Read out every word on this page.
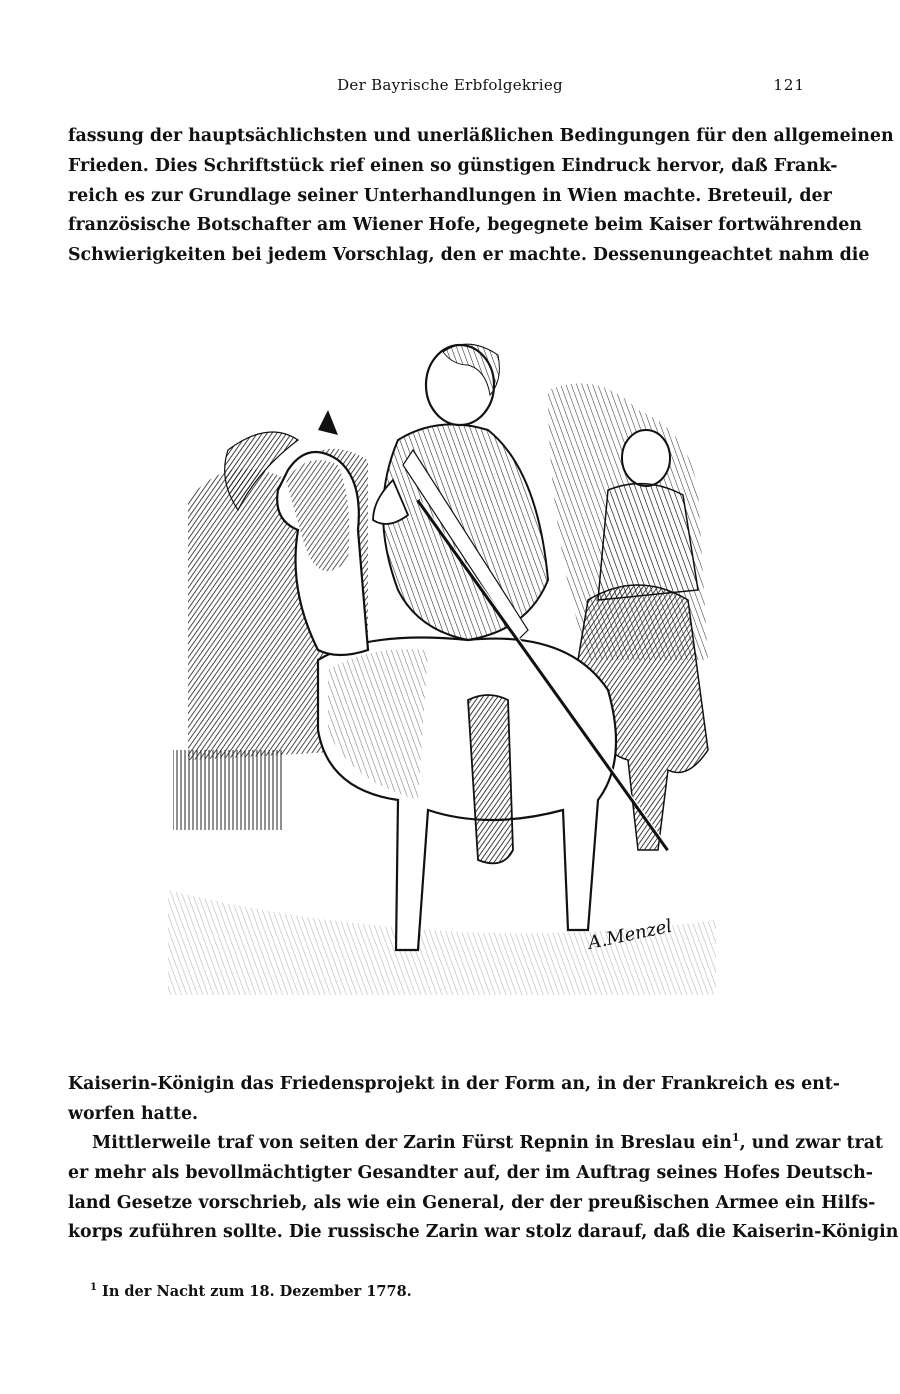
Der Bayrische Erbfolgekrieg	121

fassung der hauptsächlichsten und unerläßlichen Bedingungen für den allgemeinen
Frieden. Dies Schriftstück rief einen so günstigen Eindruck hervor, daß Frank-
reich es zur Grundlage seiner Unterhandlungen in Wien machte. Breteuil, der
französische Botschafter am Wiener Hofe, begegnete beim Kaiser fortwährenden
Schwierigkeiten bei jedem Vorschlag, den er machte. Dessenungeachtet nahm die

A.Menzel

Kaiserin-Königin das Friedensprojekt in der Form an, in der Frankreich es ent-
worfen hatte.

Mittlerweile traf von seiten der Zarin Fürst Repnin in Breslau ein$^1$, und zwar trat
er mehr als bevollmächtigter Gesandter auf, der im Auftrag seines Hofes Deutsch-
land Gesetze vorschrieb, als wie ein General, der der preußischen Armee ein Hilfs-
korps zuführen sollte. Die russische Zarin war stolz darauf, daß die Kaiserin-Königin

$^1$ In der Nacht zum 18. Dezember 1778.
